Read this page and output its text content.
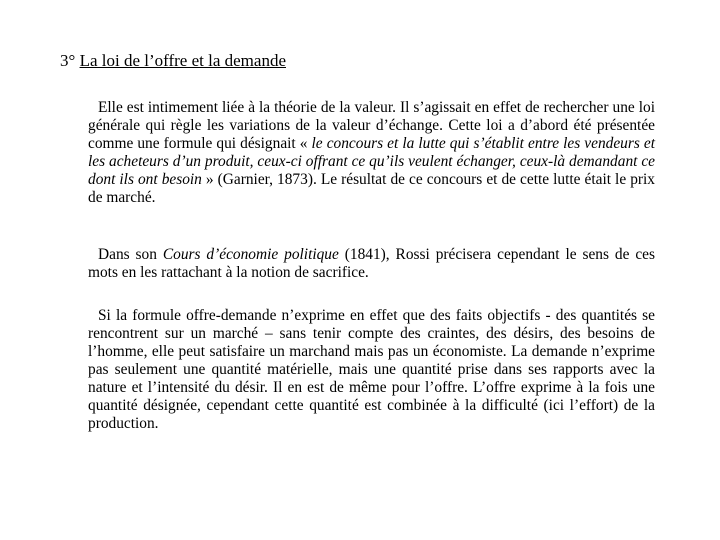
3° La loi de l’offre et la demande

Elle est intimement liée à la théorie de la valeur. Il s’agissait en effet de rechercher une loi générale qui règle les variations de la valeur d’échange. Cette loi a d’abord été présentée comme une formule qui désignait « le concours et la lutte qui s’établit entre les vendeurs et les acheteurs d’un produit, ceux-ci offrant ce qu’ils veulent échanger, ceux-là demandant ce dont ils ont besoin » (Garnier, 1873). Le résultat de ce concours et de cette lutte était le prix de marché.

Dans son Cours d’économie politique (1841), Rossi précisera cependant le sens de ces mots en les rattachant à la notion de sacrifice.

Si la formule offre-demande n’exprime en effet que des faits objectifs - des quantités se rencontrent sur un marché – sans tenir compte des craintes, des désirs, des besoins de l’homme, elle peut satisfaire un marchand mais pas un économiste. La demande n’exprime pas seulement une quantité matérielle, mais une quantité prise dans ses rapports avec la nature et l’intensité du désir. Il en est de même pour l’offre. L’offre exprime à la fois une quantité désignée, cependant cette quantité est combinée à la difficulté (ici l’effort) de la production.
